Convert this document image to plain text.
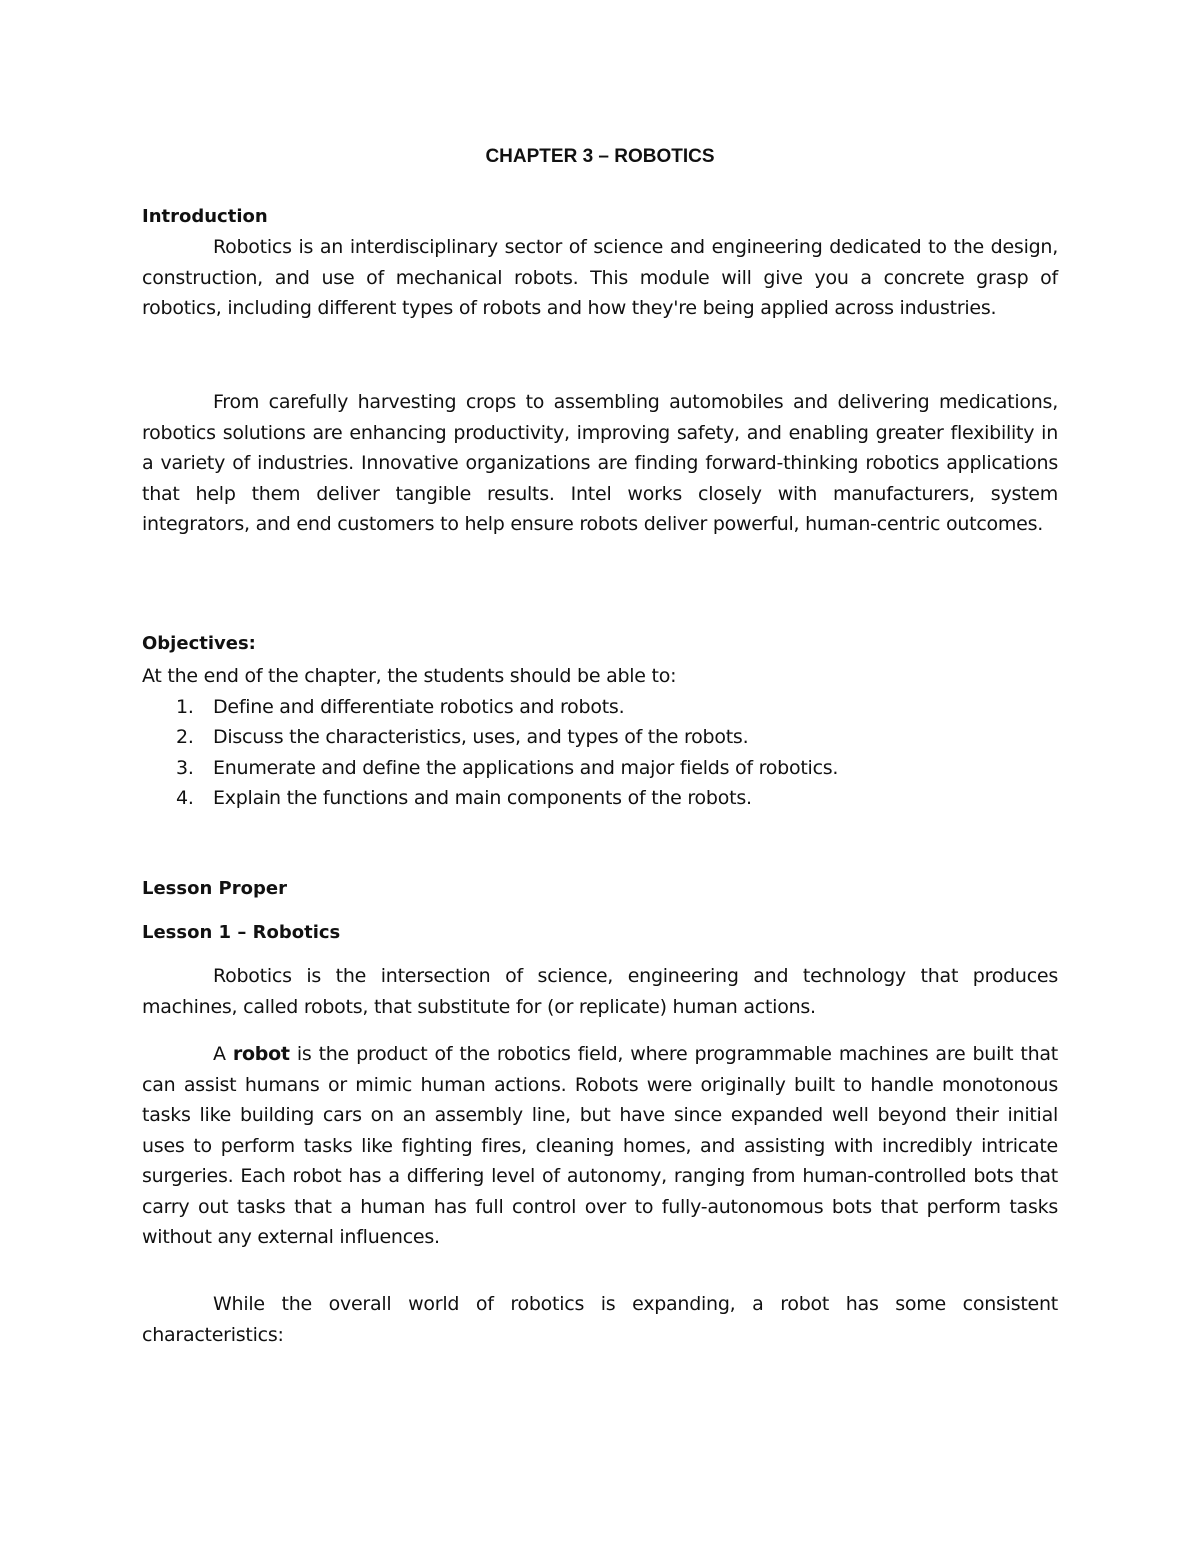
CHAPTER 3 – ROBOTICS
Introduction

Robotics is an interdisciplinary sector of science and engineering dedicated to the design, construction, and use of mechanical robots. This module will give you a concrete grasp of robotics, including different types of robots and how they're being applied across industries.

From carefully harvesting crops to assembling automobiles and delivering medications, robotics solutions are enhancing productivity, improving safety, and enabling greater flexibility in a variety of industries. Innovative organizations are finding forward-thinking robotics applications that help them deliver tangible results. Intel works closely with manufacturers, system integrators, and end customers to help ensure robots deliver powerful, human-centric outcomes.

Objectives:

At the end of the chapter, the students should be able to:

1. Define and differentiate robotics and robots.
2. Discuss the characteristics, uses, and types of the robots.
3. Enumerate and define the applications and major fields of robotics.
4. Explain the functions and main components of the robots.
Lesson Proper
Lesson 1 – Robotics

Robotics is the intersection of science, engineering and technology that produces machines, called robots, that substitute for (or replicate) human actions.

A robot is the product of the robotics field, where programmable machines are built that can assist humans or mimic human actions. Robots were originally built to handle monotonous tasks like building cars on an assembly line, but have since expanded well beyond their initial uses to perform tasks like fighting fires, cleaning homes, and assisting with incredibly intricate surgeries. Each robot has a differing level of autonomy, ranging from human-controlled bots that carry out tasks that a human has full control over to fully-autonomous bots that perform tasks without any external influences.

While the overall world of robotics is expanding, a robot has some consistent characteristics:
